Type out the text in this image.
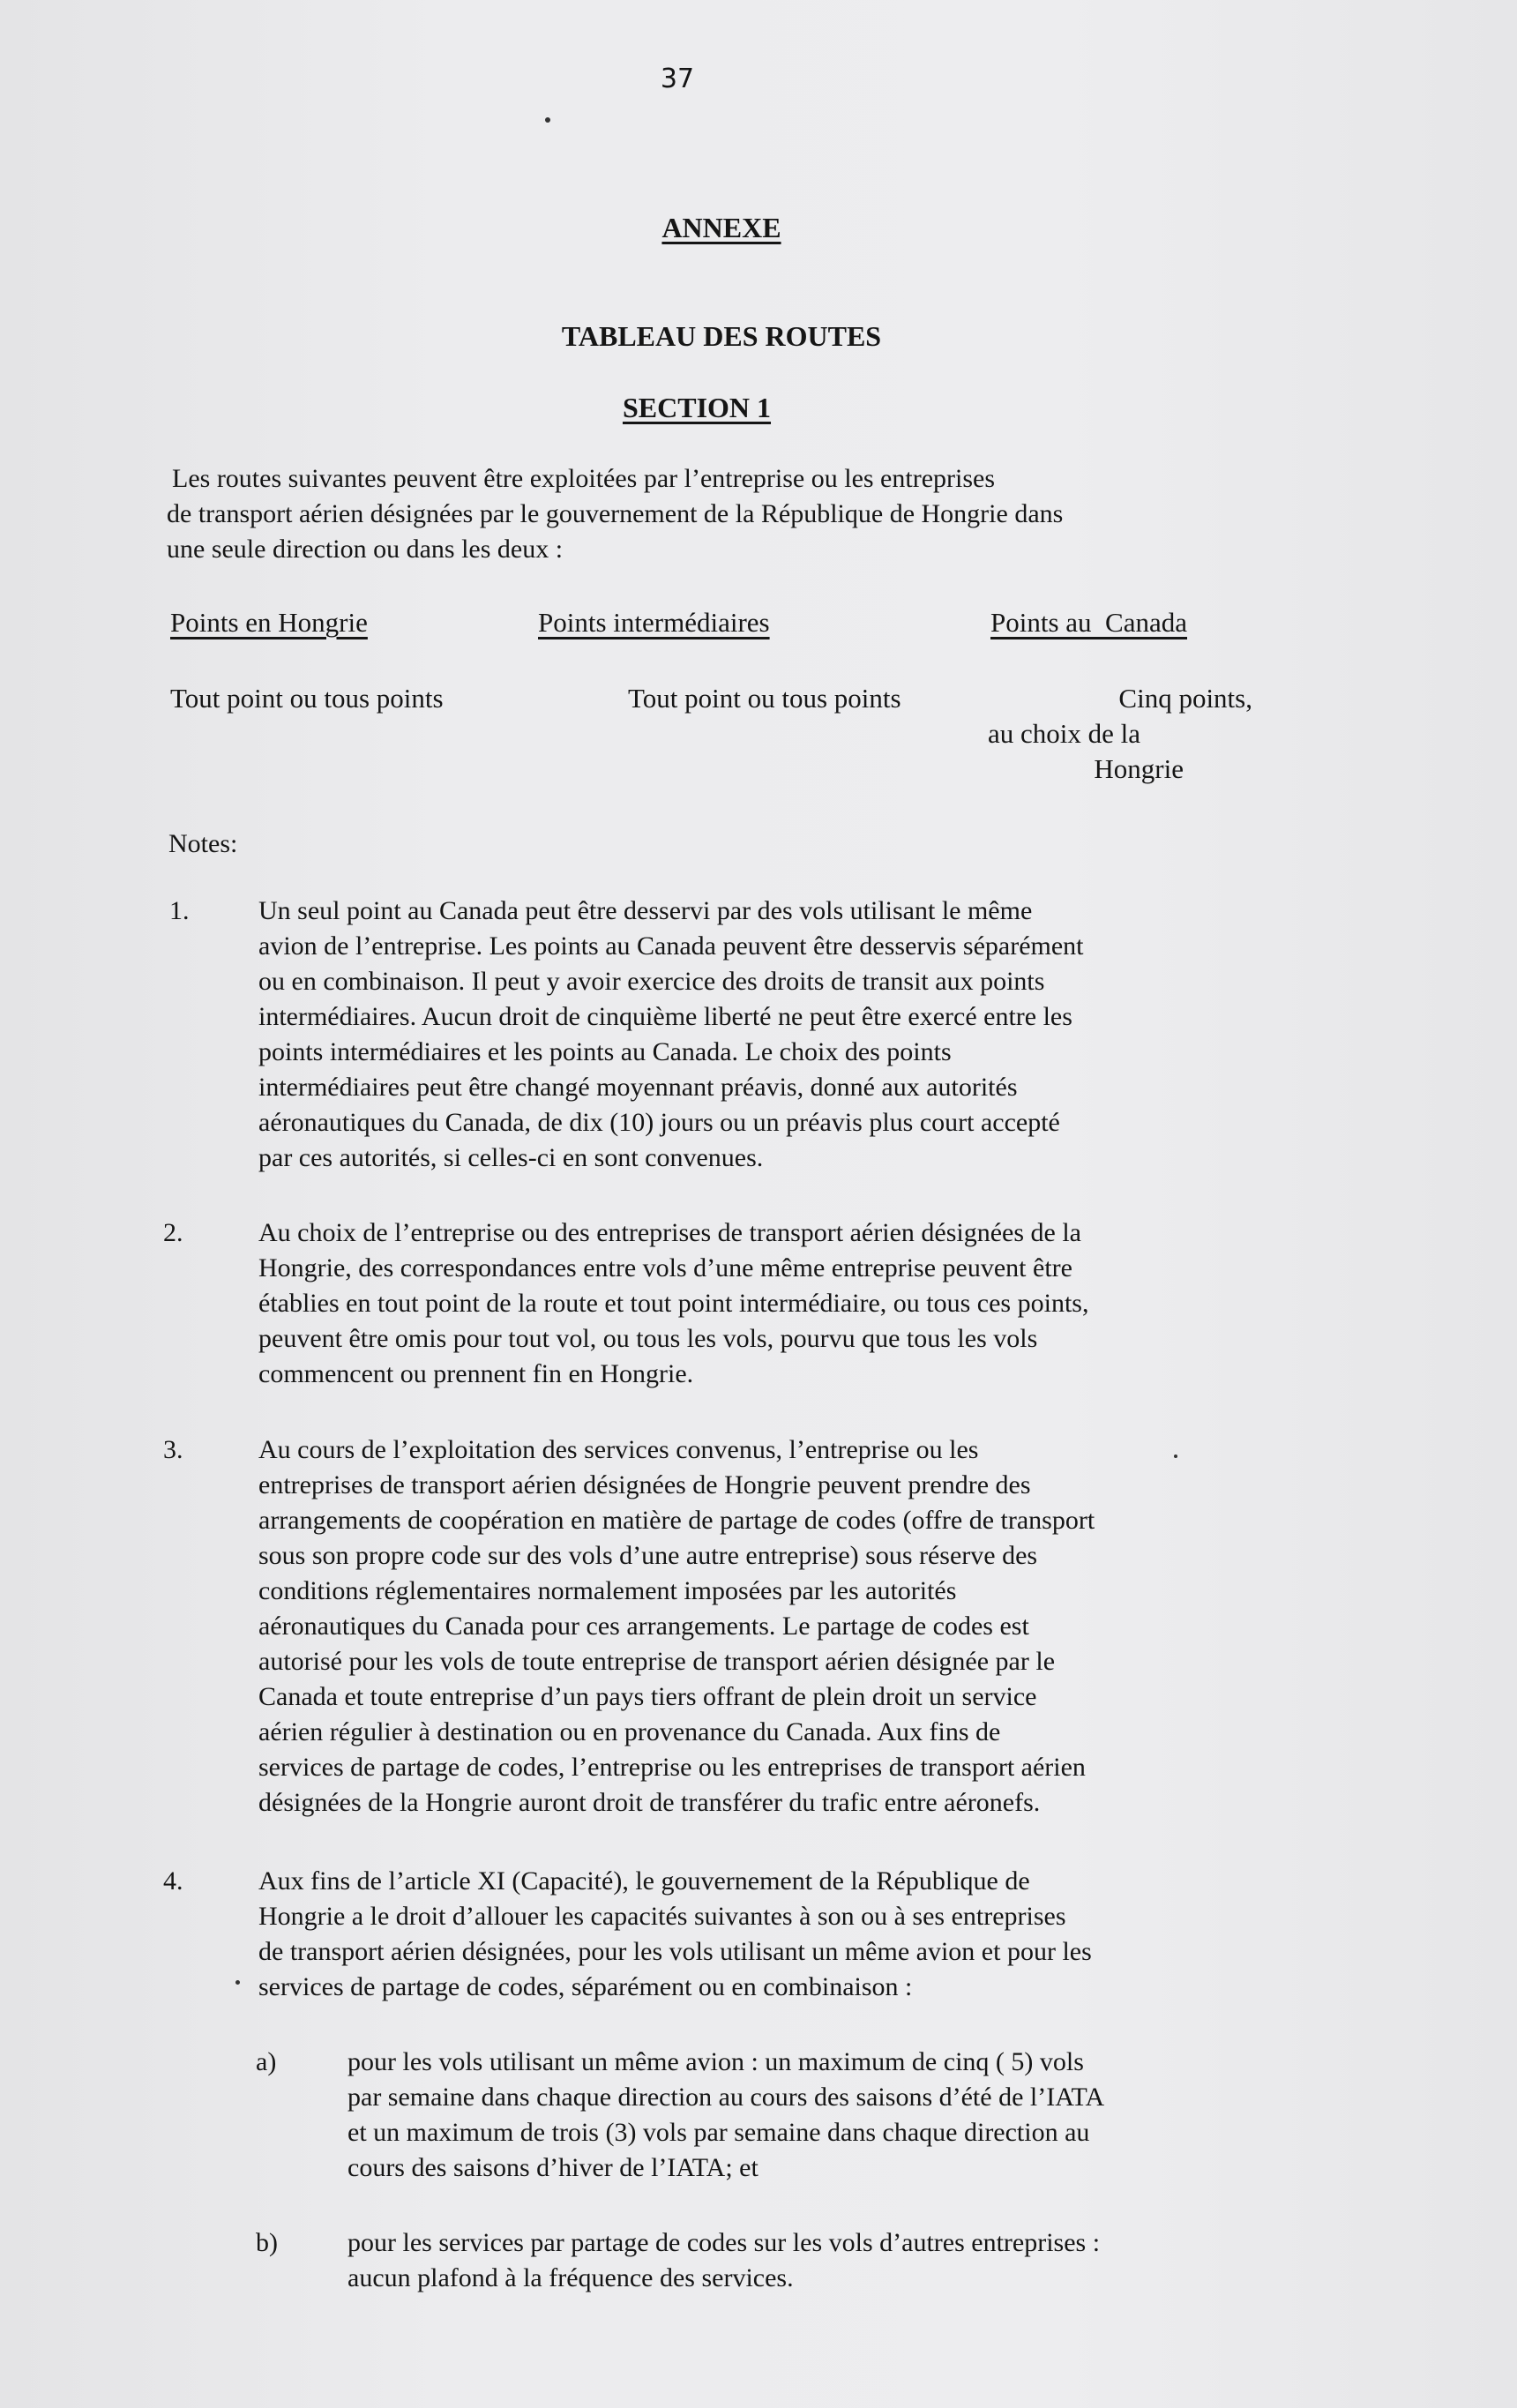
37
ANNEXE
TABLEAU DES ROUTES
SECTION 1
Les routes suivantes peuvent être exploitées par l’entreprise ou les entreprises
de transport aérien désignées par le gouvernement de la République de Hongrie dans
une seule direction ou dans les deux :
Points en Hongrie	Points intermédiaires	Points au  Canada
Tout point ou tous points	Tout point ou tous points	Cinq points,
au choix de la
Hongrie
Notes:
1.	Un seul point au Canada peut être desservi par des vols utilisant le même
avion de l’entreprise. Les points au Canada peuvent être desservis séparément
ou en combinaison. Il peut y avoir exercice des droits de transit aux points
intermédiaires. Aucun droit de cinquième liberté ne peut être exercé entre les
points intermédiaires et les points au Canada. Le choix des points
intermédiaires peut être changé moyennant préavis, donné aux autorités
aéronautiques du Canada, de dix (10) jours ou un préavis plus court accepté
par ces autorités, si celles-ci en sont convenues.
2.	Au choix de l’entreprise ou des entreprises de transport aérien désignées de la
Hongrie, des correspondances entre vols d’une même entreprise peuvent être
établies en tout point de la route et tout point intermédiaire, ou tous ces points,
peuvent être omis pour tout vol, ou tous les vols, pourvu que tous les vols
commencent ou prennent fin en Hongrie.
3.	Au cours de l’exploitation des services convenus, l’entreprise ou les
entreprises de transport aérien désignées de Hongrie peuvent prendre des
arrangements de coopération en matière de partage de codes (offre de transport
sous son propre code sur des vols d’une autre entreprise) sous réserve des
conditions réglementaires normalement imposées par les autorités
aéronautiques du Canada pour ces arrangements. Le partage de codes est
autorisé pour les vols de toute entreprise de transport aérien désignée par le
Canada et toute entreprise d’un pays tiers offrant de plein droit un service
aérien régulier à destination ou en provenance du Canada. Aux fins de
services de partage de codes, l’entreprise ou les entreprises de transport aérien
désignées de la Hongrie auront droit de transférer du trafic entre aéronefs.
4.	Aux fins de l’article XI (Capacité), le gouvernement de la République de
Hongrie a le droit d’allouer les capacités suivantes à son ou à ses entreprises
de transport aérien désignées, pour les vols utilisant un même avion et pour les
services de partage de codes, séparément ou en combinaison :
a)	pour les vols utilisant un même avion : un maximum de cinq ( 5) vols
par semaine dans chaque direction au cours des saisons d’été de l’IATA
et un maximum de trois (3) vols par semaine dans chaque direction au
cours des saisons d’hiver de l’IATA; et
b)	pour les services par partage de codes sur les vols d’autres entreprises :
aucun plafond à la fréquence des services.
